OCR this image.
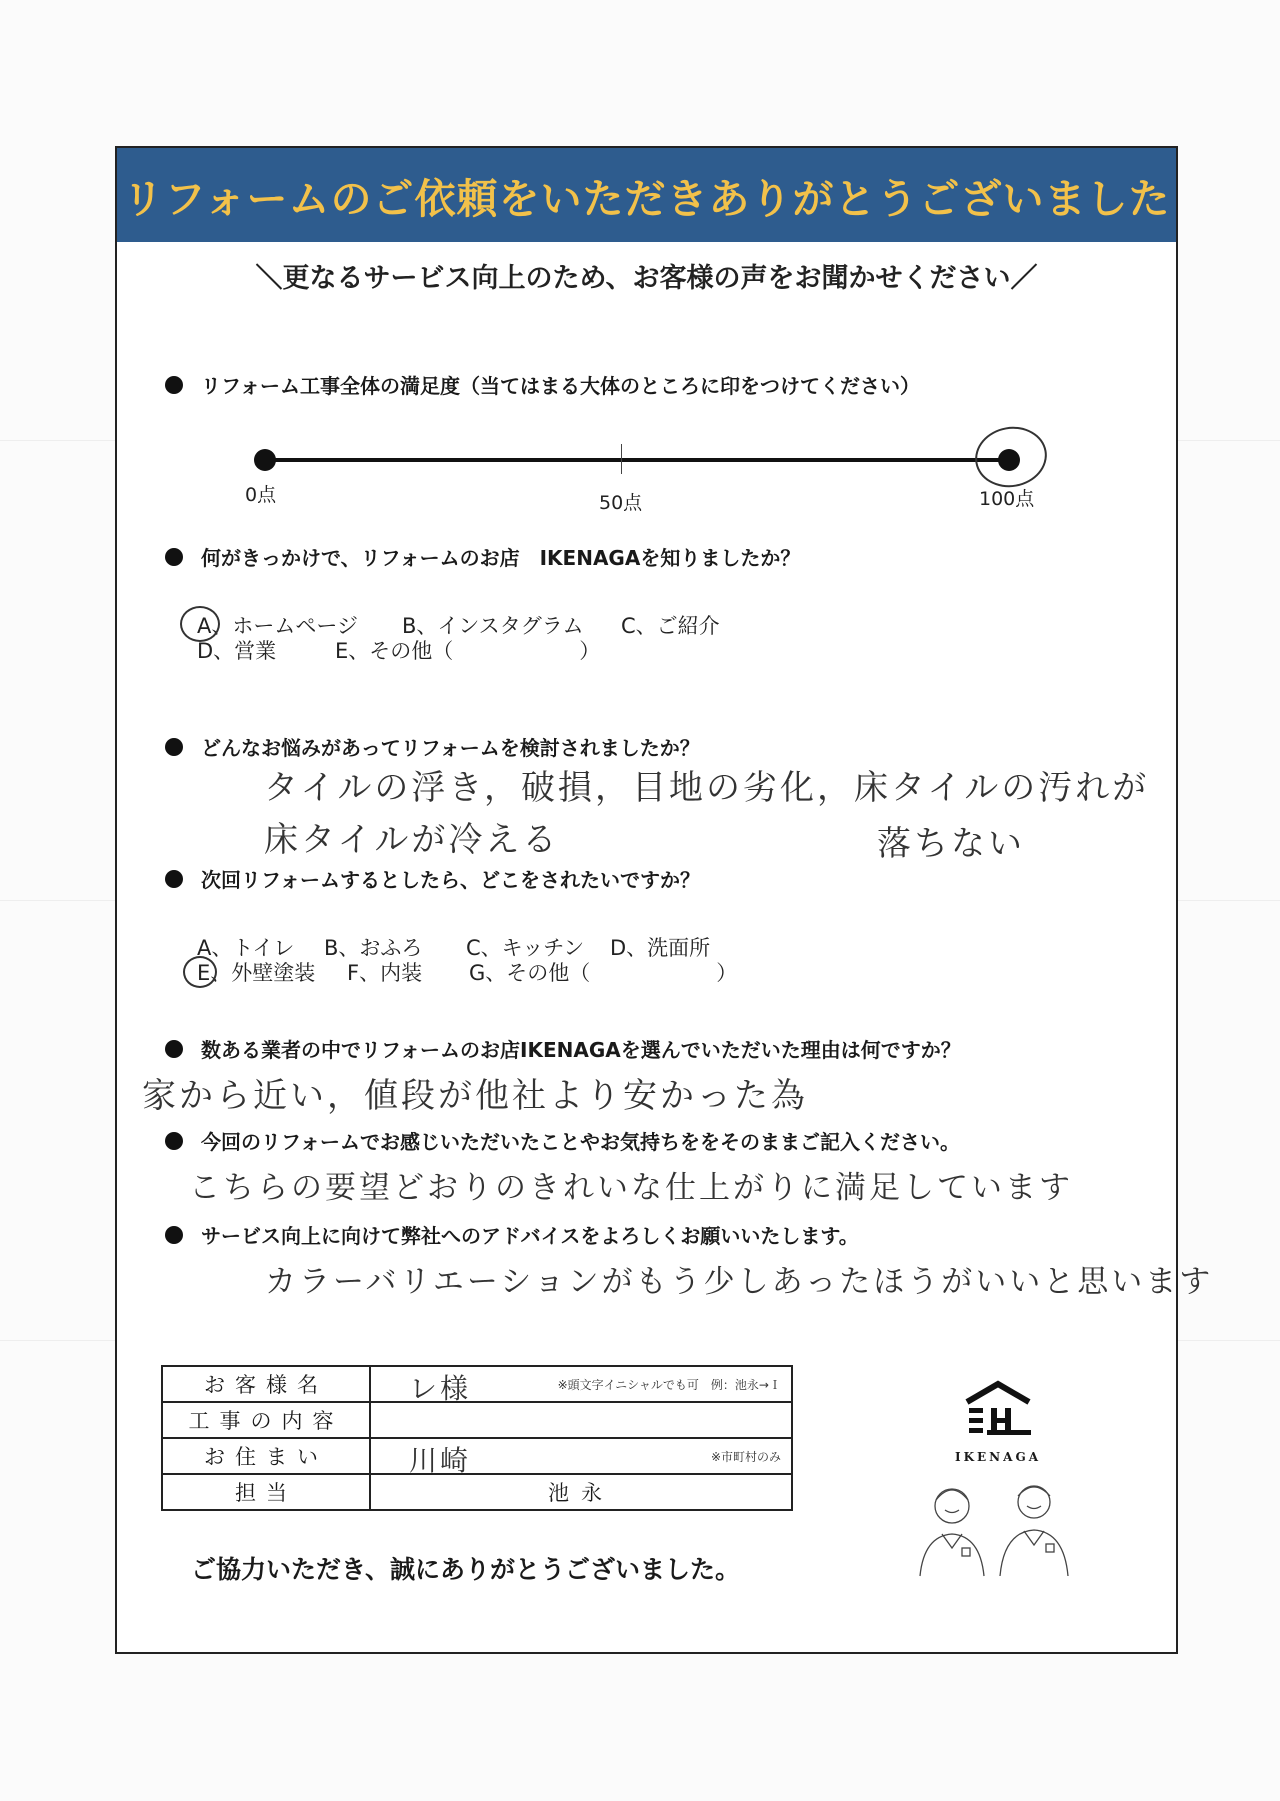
リフォームのご依頼をいただきありがとうございました
＼更なるサービス向上のため、お客様の声をお聞かせください／
リフォーム工事全体の満足度（当てはまる大体のところに印をつけてください）
0点	50点	100点
何がきっかけで、リフォームのお店　IKENAGAを知りましたか？
A、ホームページ B、インスタグラム C、ご紹介
D、営業	E、その他（　　　　　　）
どんなお悩みがあってリフォームを検討されましたか？
タイルの浮き，破損，目地の劣化，床タイルの汚れが
床タイルが冷える	落ちない
次回リフォームするとしたら、どこをされたいですか？
A、トイレ B、おふろ C、キッチン D、洗面所
E、外壁塗装 F、内装 G、その他（　　　　　　）
数ある業者の中でリフォームのお店IKENAGAを選んでいただいた理由は何ですか？
家から近い，値段が他社より安かった為
今回のリフォームでお感じいただいたことやお気持ちををそのままご記入ください。
こちらの要望どおりのきれいな仕上がりに満足しています
サービス向上に向けて弊社へのアドバイスをよろしくお願いいたします。
カラーバリエーションがもう少しあったほうがいいと思います
お客様名	レ様 ※頭文字イニシャルでも可　例：池永→Ｉ

工事の内容	
お住まい	川崎 ※市町村のみ

担当	池永
IKENAGA
ご協力いただき、誠にありがとうございました。
